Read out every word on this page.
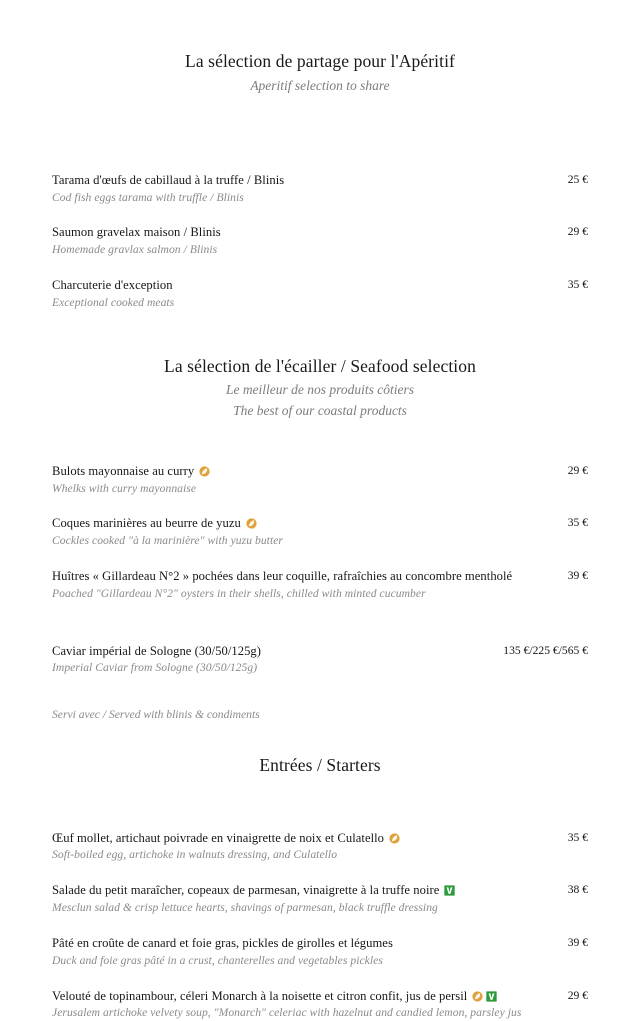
La sélection de partage pour l'Apéritif
Aperitif selection to share
Tarama d'œufs de cabillaud à la truffe / Blinis
Cod fish eggs tarama with truffle / Blinis
25 €
Saumon gravelax maison / Blinis
Homemade gravlax salmon / Blinis
29 €
Charcuterie d'exception
Exceptional cooked meats
35 €
La sélection de l'écailler / Seafood selection
Le meilleur de nos produits côtiers
The best of our coastal products
Bulots mayonnaise au curry
Whelks with curry mayonnaise
29 €
Coques marinières au beurre de yuzu
Cockles cooked "à la marinière" with yuzu butter
35 €
Huîtres « Gillardeau N°2 » pochées dans leur coquille, rafraîchies au concombre mentholé
Poached "Gillardeau N°2" oysters in their shells, chilled with minted cucumber
39 €
Caviar impérial de Sologne (30/50/125g)
Imperial Caviar from Sologne (30/50/125g)
135 €/225 €/565 €
Servi avec / Served with blinis & condiments
Entrées / Starters
Œuf mollet, artichaut poivrade en vinaigrette de noix et Culatello
Soft-boiled egg, artichoke in walnuts dressing, and Culatello
35 €
Salade du petit maraîcher, copeaux de parmesan, vinaigrette à la truffe noire
Mesclun salad & crisp lettuce hearts, shavings of parmesan, black truffle dressing
38 €
Pâté en croûte de canard et foie gras, pickles de girolles et légumes
Duck and foie gras pâté in a crust, chanterelles and vegetables pickles
39 €
Velouté de topinambour, céleri Monarch à la noisette et citron confit, jus de persil
Jerusalem artichoke velvety soup, "Monarch" celeriac with hazelnut and candied lemon, parsley jus
29 €
